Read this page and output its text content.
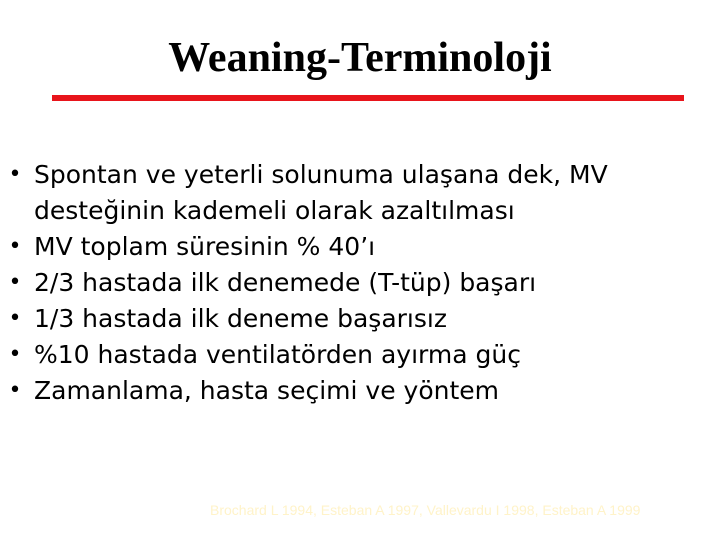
Weaning-Terminoloji
• Spontan ve yeterli solunuma ulaşana dek, MV desteğinin kademeli olarak azaltılması
• MV toplam süresinin % 40’ı
• 2/3 hastada ilk denemede (T-tüp) başarı
• 1/3 hastada ilk deneme başarısız
• %10 hastada ventilatörden ayırma güç
• Zamanlama, hasta seçimi ve yöntem
Brochard L 1994, Esteban A 1997, Vallevardu I 1998, Esteban A 1999
